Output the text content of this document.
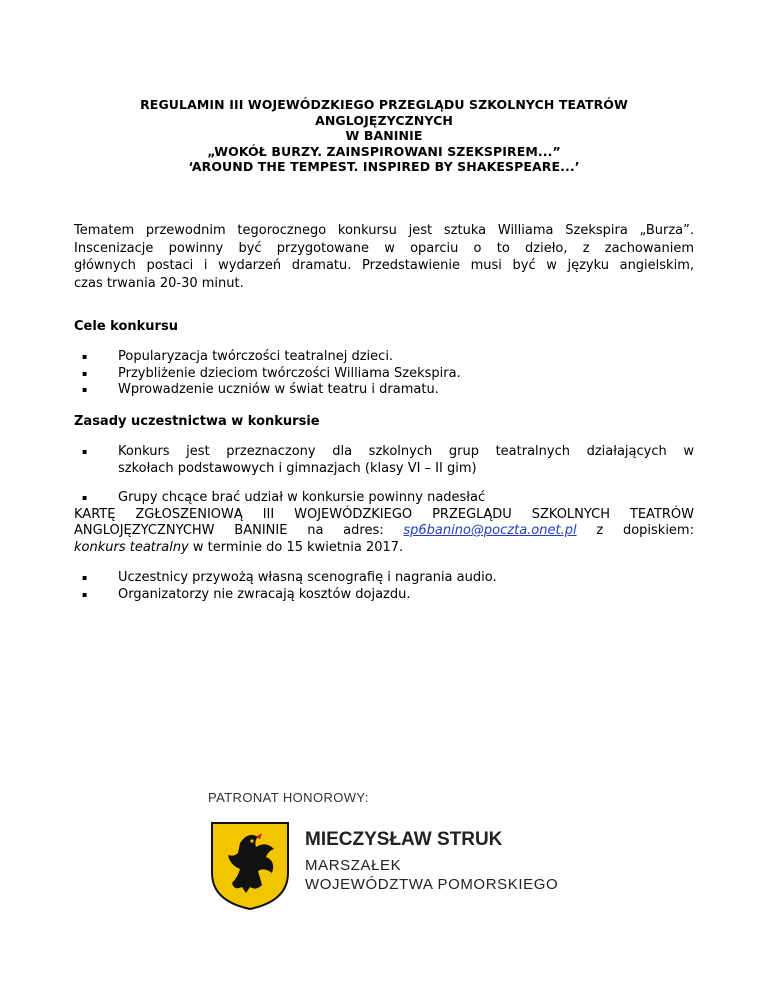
REGULAMIN III WOJEWÓDZKIEGO PRZEGLĄDU SZKOLNYCH TEATRÓW
ANGLOJĘZYCZNYCH
W BANINIE
„WOKÓŁ BURZY. ZAINSPIROWANI SZEKSPIREM...”
‘AROUND THE TEMPEST. INSPIRED BY SHAKESPEARE...’
Tematem przewodnim tegorocznego konkursu jest sztuka Williama Szekspira „Burza”.
Inscenizacje powinny być przygotowane w oparciu o to dzieło, z zachowaniem
głównych postaci i wydarzeń dramatu. Przedstawienie musi być w języku angielskim,
czas trwania 20-30 minut.
Cele konkursu
▪ Popularyzacja twórczości teatralnej dzieci.
▪ Przybliżenie dzieciom twórczości Williama Szekspira.
▪ Wprowadzenie uczniów w świat teatru i dramatu.
Zasady uczestnictwa w konkursie
▪ Konkurs jest przeznaczony dla szkolnych grup teatralnych działających w
szkołach podstawowych i gimnazjach (klasy VI – II gim)
▪ Grupy chcące brać udział w konkursie powinny nadesłać
KARTĘ ZGŁOSZENIOWĄ III WOJEWÓDZKIEGO PRZEGLĄDU SZKOLNYCH TEATRÓW
ANGLOJĘZYCZNYCHW BANINIE na adres: sp6banino@poczta.onet.pl z dopiskiem:
konkurs teatralny w terminie do 15 kwietnia 2017.
▪ Uczestnicy przywożą własną scenografię i nagrania audio.
▪ Organizatorzy nie zwracają kosztów dojazdu.
PATRONAT HONOROWY:
MIECZYSŁAW STRUK
MARSZAŁEK
WOJEWÓDZTWA POMORSKIEGO
